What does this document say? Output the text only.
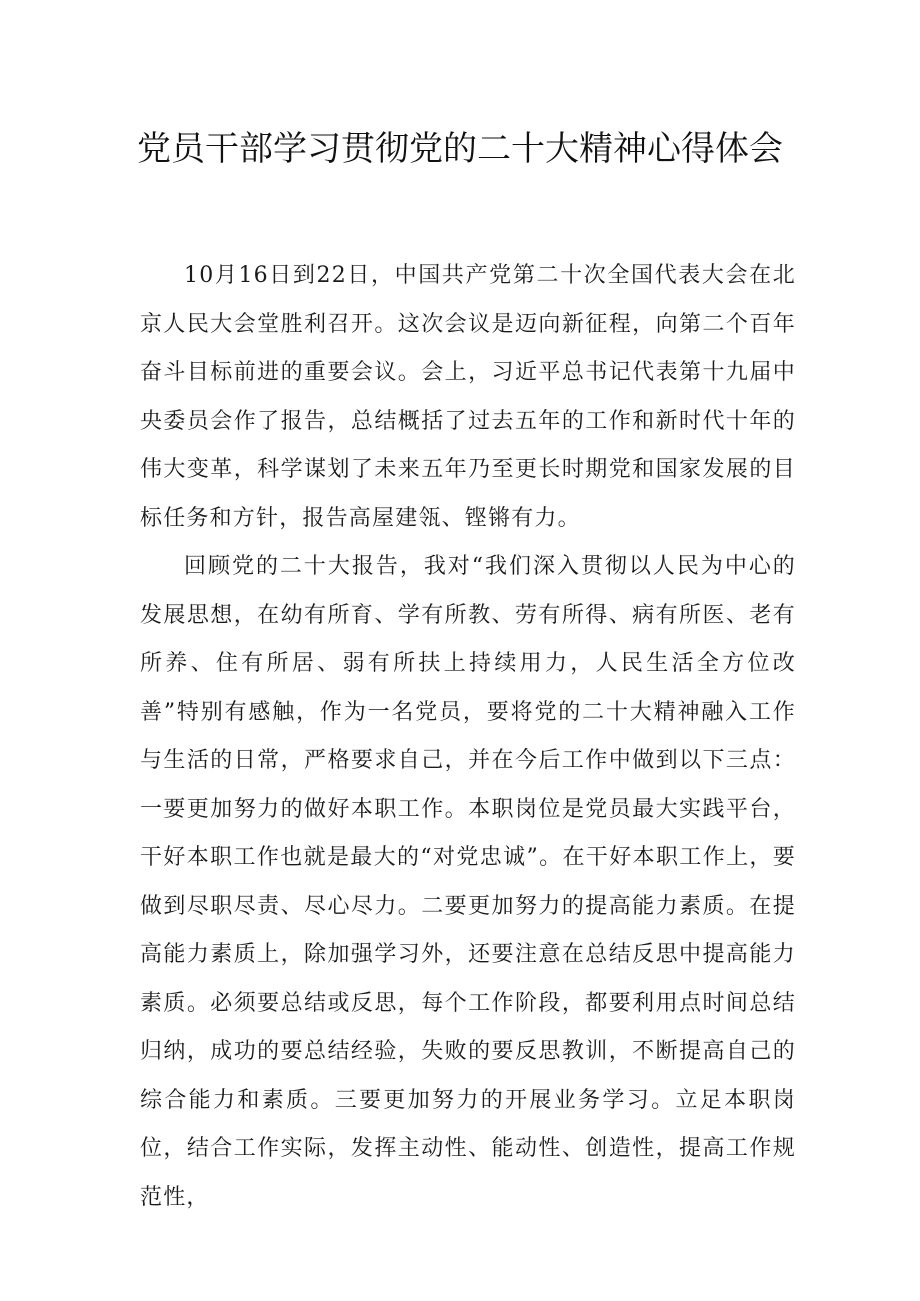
党员干部学习贯彻党的二十大精神心得体会

10月16日到22日，中国共产党第二十次全国代表大会在北京人民大会堂胜利召开。这次会议是迈向新征程，向第二个百年奋斗目标前进的重要会议。会上，习近平总书记代表第十九届中央委员会作了报告，总结概括了过去五年的工作和新时代十年的伟大变革，科学谋划了未来五年乃至更长时期党和国家发展的目标任务和方针，报告高屋建瓴、铿锵有力。

回顾党的二十大报告，我对“我们深入贯彻以人民为中心的发展思想，在幼有所育、学有所教、劳有所得、病有所医、老有所养、住有所居、弱有所扶上持续用力，人民生活全方位改善”特别有感触，作为一名党员，要将党的二十大精神融入工作与生活的日常，严格要求自己，并在今后工作中做到以下三点：一要更加努力的做好本职工作。本职岗位是党员最大实践平台，干好本职工作也就是最大的“对党忠诚”。在干好本职工作上，要做到尽职尽责、尽心尽力。二要更加努力的提高能力素质。在提高能力素质上，除加强学习外，还要注意在总结反思中提高能力素质。必须要总结或反思，每个工作阶段，都要利用点时间总结归纳，成功的要总结经验，失败的要反思教训，不断提高自己的综合能力和素质。三要更加努力的开展业务学习。立足本职岗位，结合工作实际，发挥主动性、能动性、创造性，提高工作规范性，
